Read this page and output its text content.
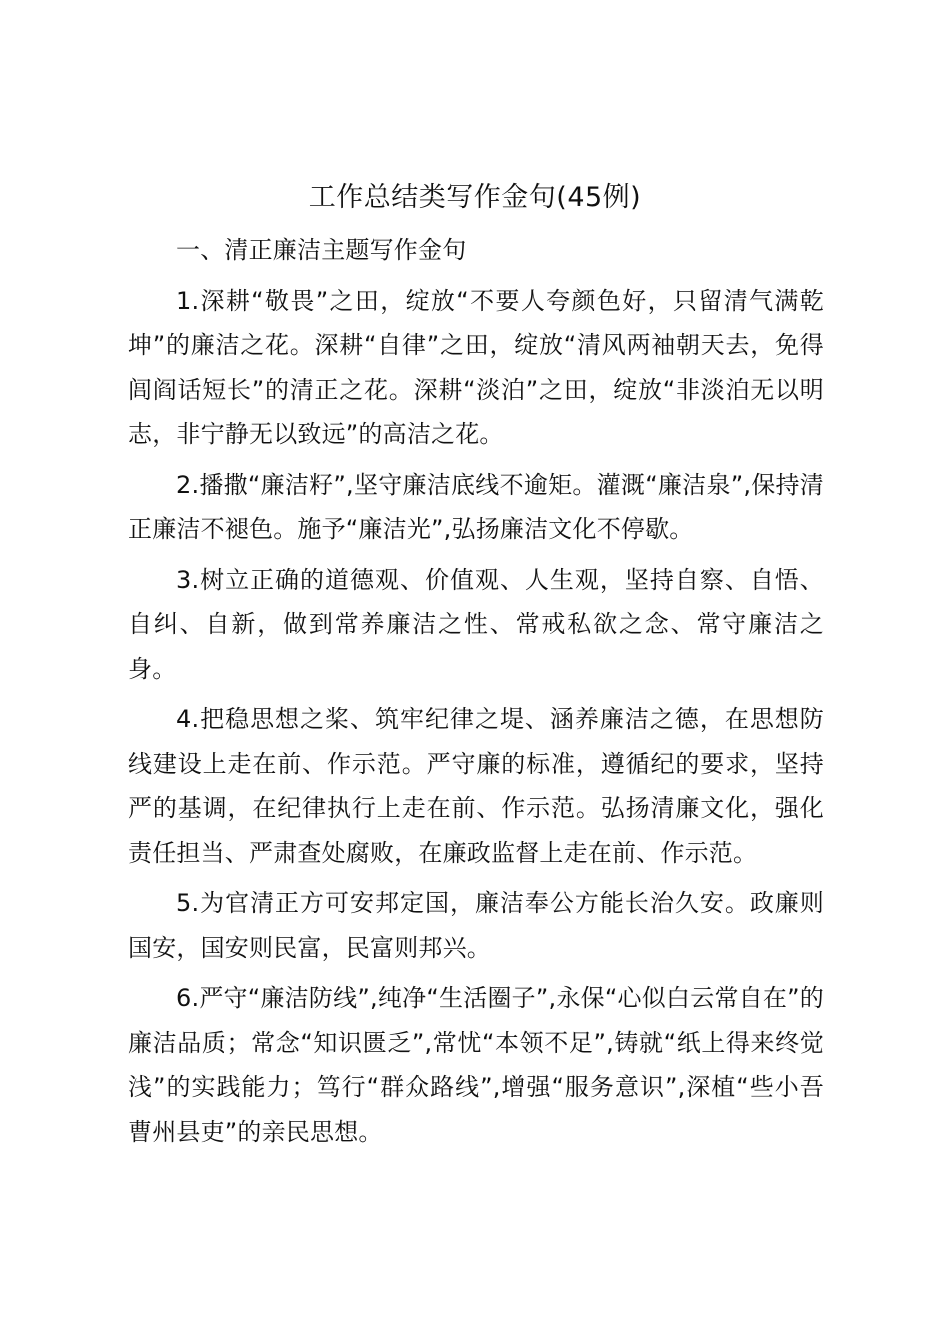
工作总结类写作金句(45例)

一、清正廉洁主题写作金句

1.深耕“敬畏”之田，绽放“不要人夸颜色好，只留清气满乾坤”的廉洁之花。深耕“自律”之田，绽放“清风两袖朝天去，免得闾阎话短长”的清正之花。深耕“淡泊”之田，绽放“非淡泊无以明志，非宁静无以致远”的高洁之花。

2.播撒“廉洁籽”,坚守廉洁底线不逾矩。灌溉“廉洁泉”,保持清正廉洁不褪色。施予“廉洁光”,弘扬廉洁文化不停歇。

3.树立正确的道德观、价值观、人生观，坚持自察、自悟、自纠、自新，做到常养廉洁之性、常戒私欲之念、常守廉洁之身。

4.把稳思想之桨、筑牢纪律之堤、涵养廉洁之德，在思想防线建设上走在前、作示范。严守廉的标准，遵循纪的要求，坚持严的基调，在纪律执行上走在前、作示范。弘扬清廉文化，强化责任担当、严肃查处腐败，在廉政监督上走在前、作示范。

5.为官清正方可安邦定国，廉洁奉公方能长治久安。政廉则国安，国安则民富，民富则邦兴。

6.严守“廉洁防线”,纯净“生活圈子”,永保“心似白云常自在”的廉洁品质；常念“知识匮乏”,常忧“本领不足”,铸就“纸上得来终觉浅”的实践能力；笃行“群众路线”,增强“服务意识”,深植“些小吾曹州县吏”的亲民思想。
